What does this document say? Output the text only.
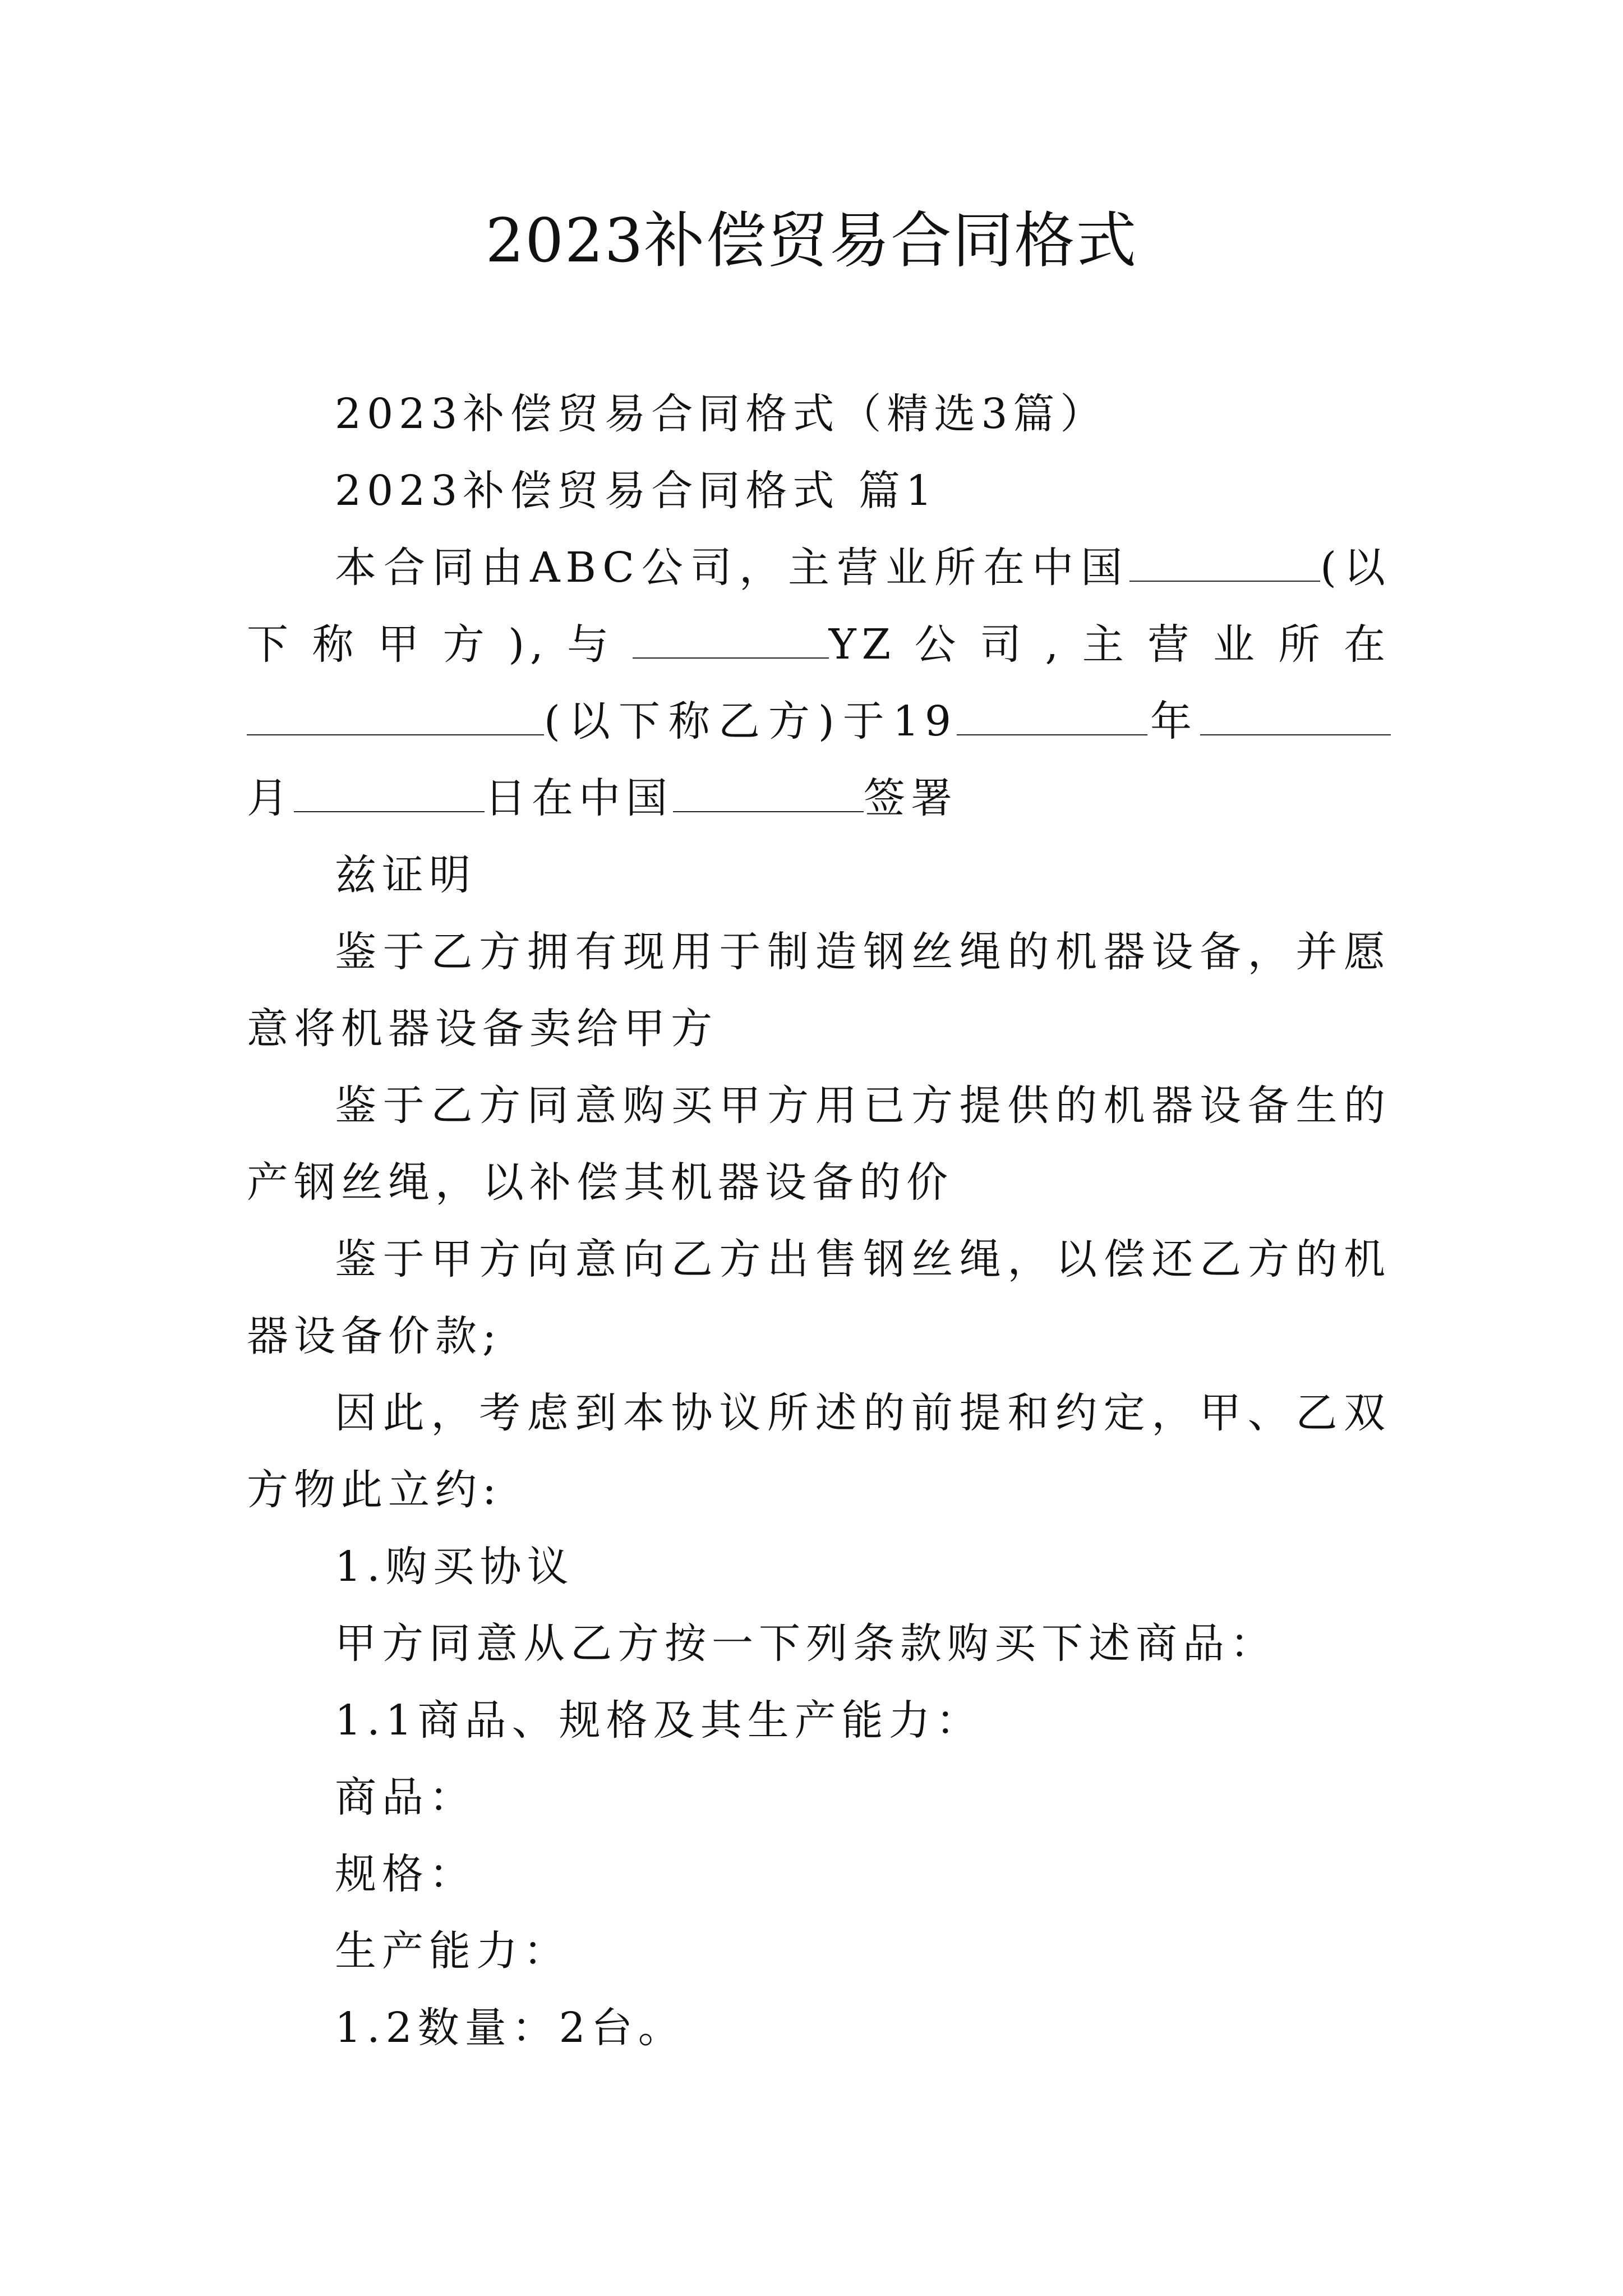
2023补偿贸易合同格式

2023补偿贸易合同格式（精选3篇）

2023补偿贸易合同格式 篇1

本合同由ABC公司，主营业所在中国	(以下称甲方),与	YZ公司,主营业所在(以下称乙方)于19	年月	日在中国	签署

兹证明

鉴于乙方拥有现用于制造钢丝绳的机器设备，并愿意将机器设备卖给甲方

鉴于乙方同意购买甲方用已方提供的机器设备生的产钢丝绳，以补偿其机器设备的价

鉴于甲方向意向乙方出售钢丝绳，以偿还乙方的机器设备价款;

因此，考虑到本协议所述的前提和约定，甲、乙双方物此立约:

1.购买协议

甲方同意从乙方按一下列条款购买下述商品：

1.1商品、规格及其生产能力：

商品：

规格：

生产能力：

1.2数量：2台。
